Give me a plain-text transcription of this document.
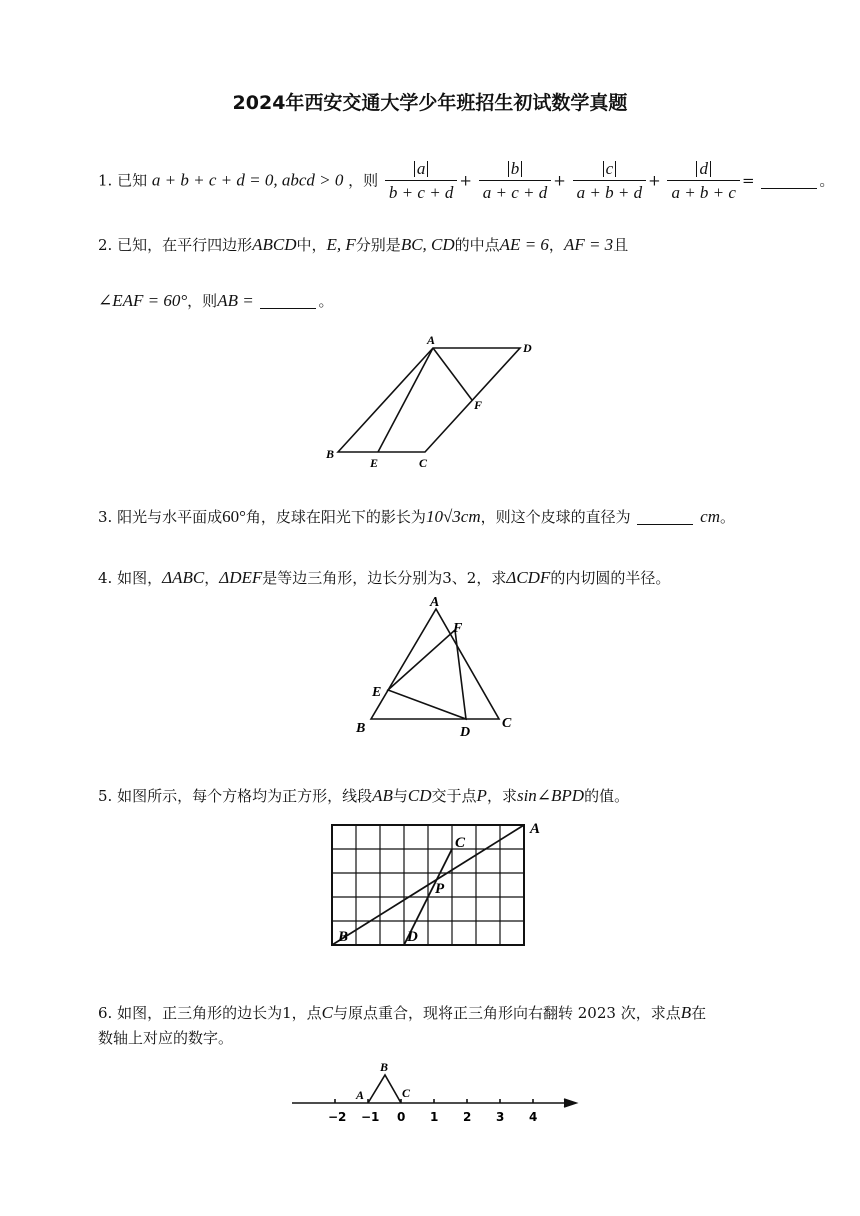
2024年西安交通大学少年班招生初试数学真题
1. 已知 a + b + c + d = 0, abcd > 0 ，则 $\frac{a}{b + c + d} + \frac{b}{a + c + d} + \frac{c}{a + b + d} + \frac{d}{a + b + c}$ =	。
2. 已知，在平行四边形ABCD中，E, F分别是BC, CD的中点AE = 6，AF = 3且
∠EAF = 60°，则AB =	。
A
D
F
B
E	C
3. 阳光与水平面成60°角，皮球在阳光下的影长为10√3cm，则这个皮球的直径为	cm。
4. 如图，ΔABC，ΔDEF是等边三角形，边长分别为3、2，求ΔCDF的内切圆的半径。
A
F
E
B	D
C
5. 如图所示，每个方格均为正方形，线段AB与CD交于点P，求sin∠BPD的值。
A
C
P
B	D
6. 如图，正三角形的边长为1，点C与原点重合，现将正三角形向右翻转 2023 次，求点B在
数轴上对应的数字。
B
A	C
−2 −1 0 1 2 3 4
